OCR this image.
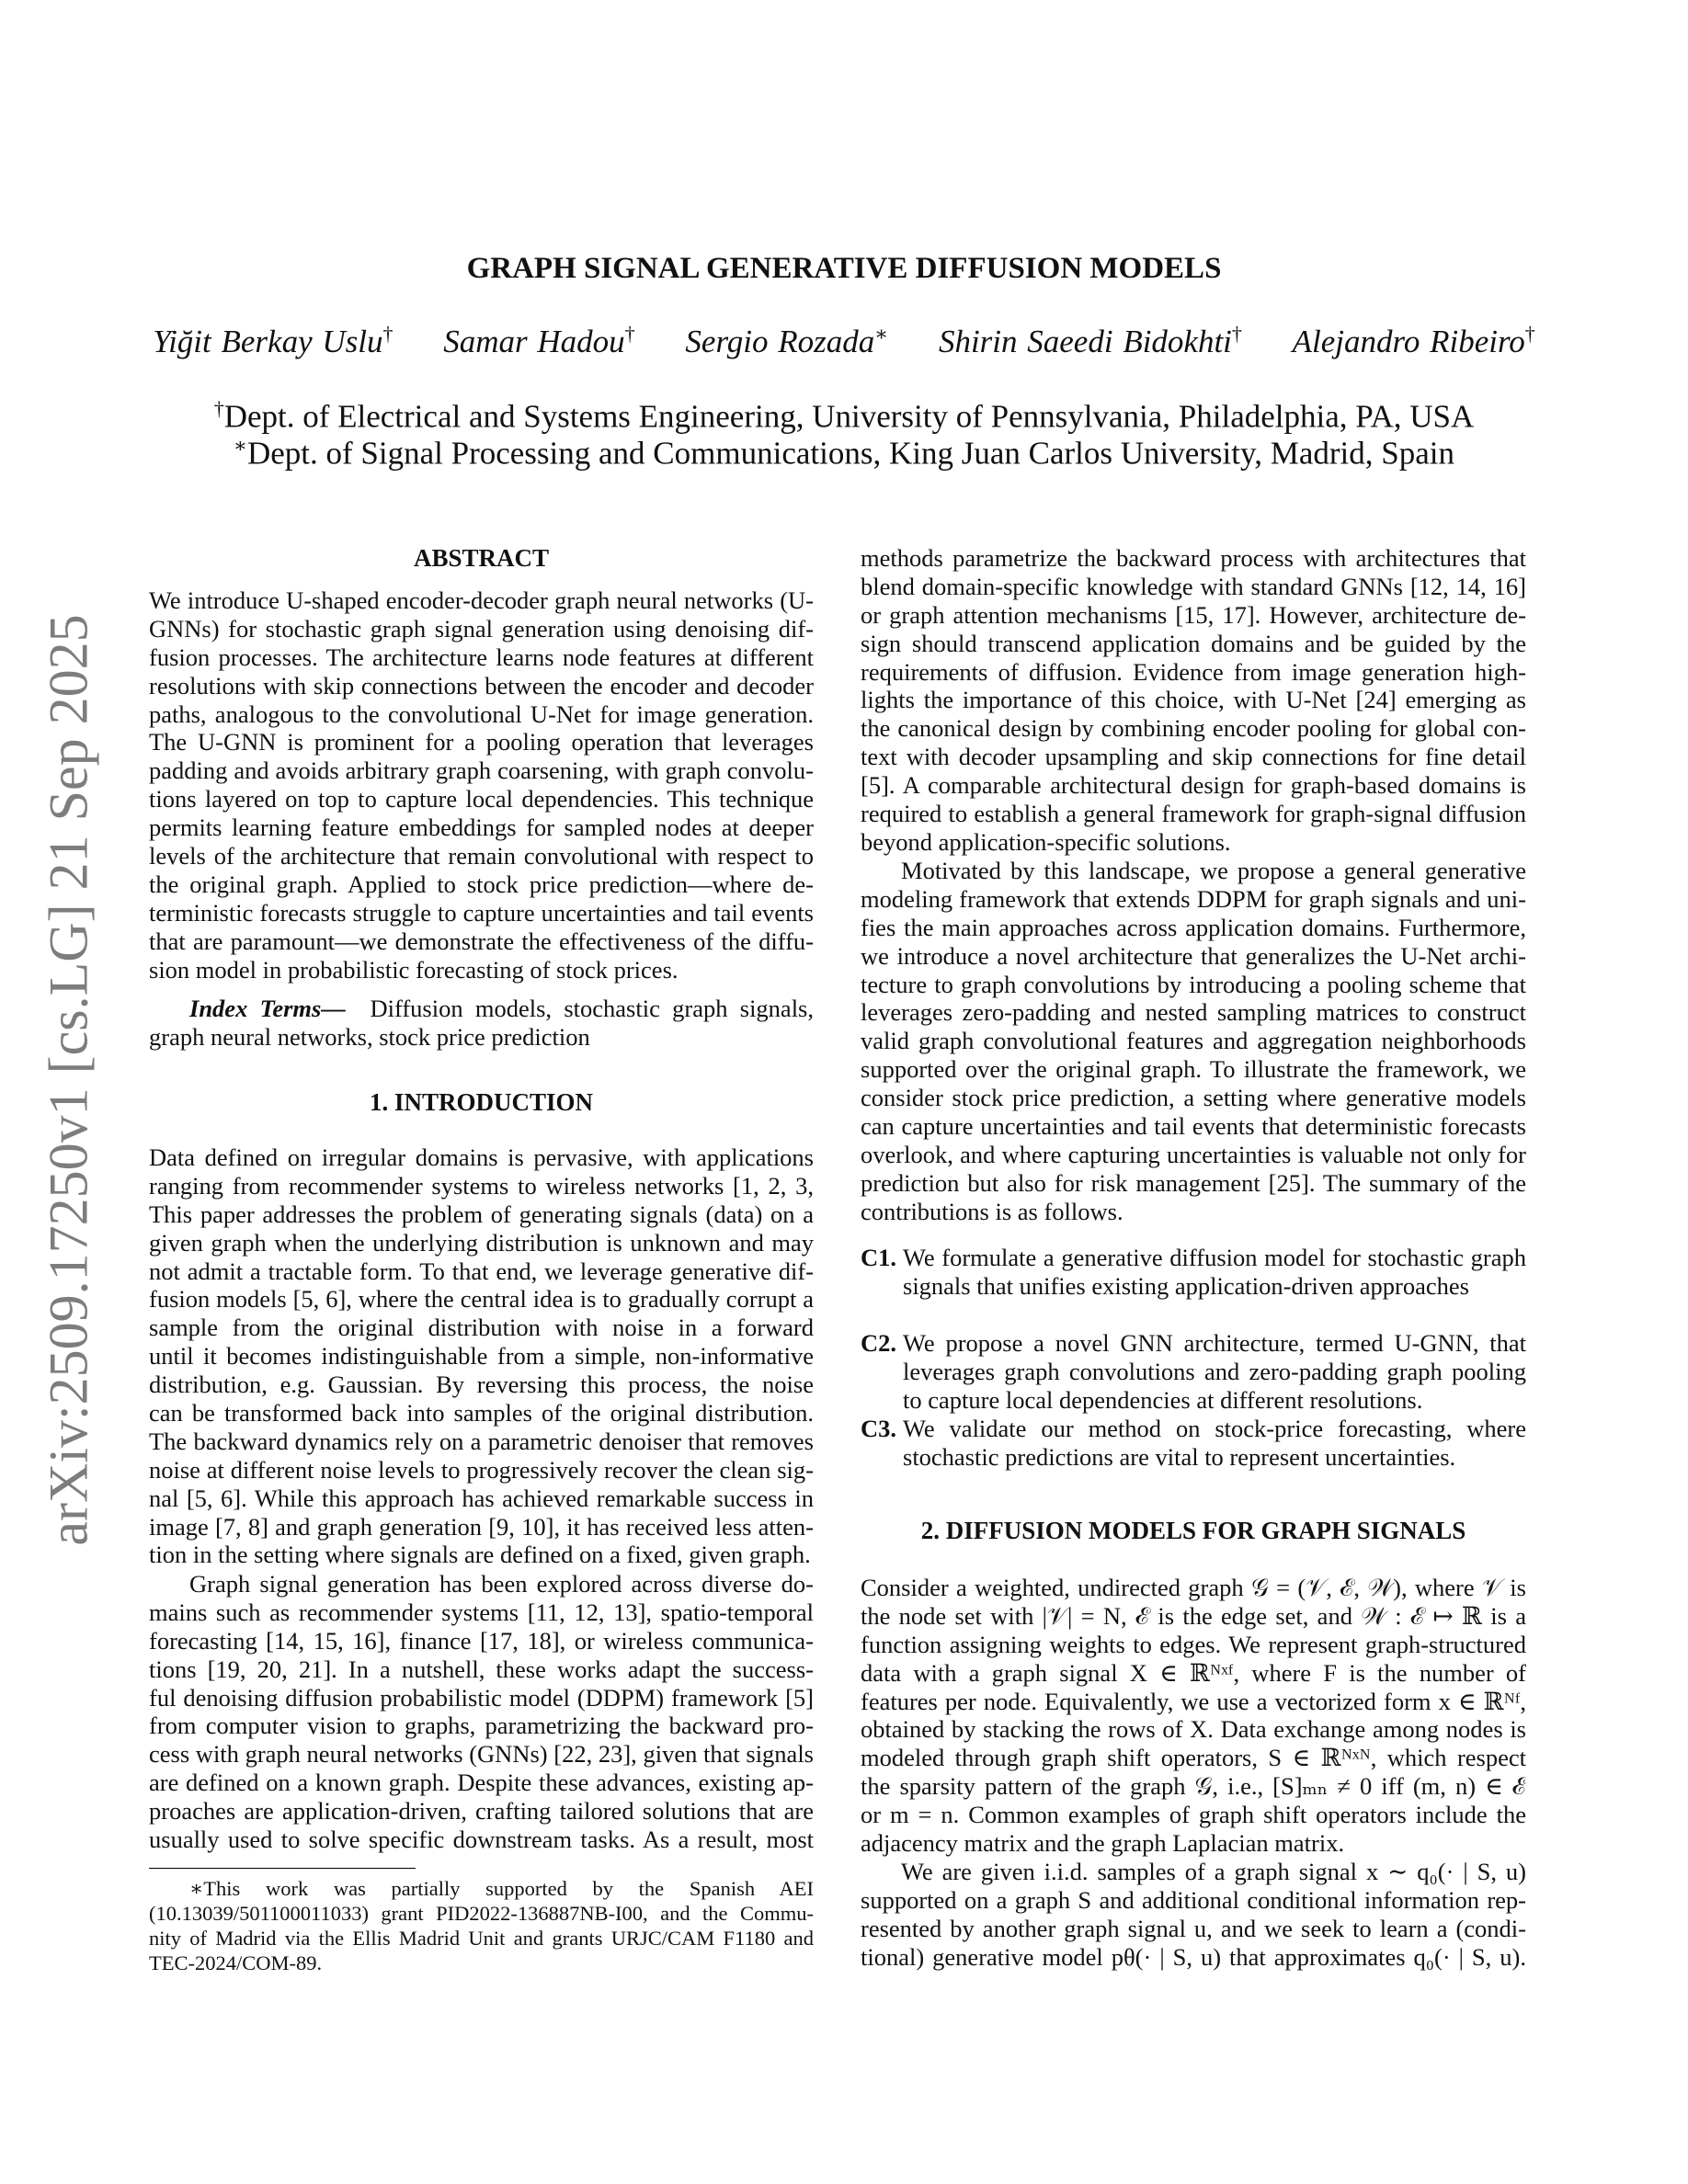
arXiv:2509.17250v1 [cs.LG] 21 Sep 2025
GRAPH SIGNAL GENERATIVE DIFFUSION MODELS
Yiğit Berkay Uslu† Samar Hadou† Sergio Rozada∗ Shirin Saeedi Bidokhti† Alejandro Ribeiro†
†Dept. of Electrical and Systems Engineering, University of Pennsylvania, Philadelphia, PA, USA
∗Dept. of Signal Processing and Communications, King Juan Carlos University, Madrid, Spain
ABSTRACT
We introduce U-shaped encoder-decoder graph neural networks (U-
GNNs) for stochastic graph signal generation using denoising dif-
fusion processes. The architecture learns node features at different
resolutions with skip connections between the encoder and decoder
paths, analogous to the convolutional U-Net for image generation.
The U-GNN is prominent for a pooling operation that leverages
padding and avoids arbitrary graph coarsening, with graph convolu-
tions layered on top to capture local dependencies. This technique
permits learning feature embeddings for sampled nodes at deeper
levels of the architecture that remain convolutional with respect to
the original graph. Applied to stock price prediction—where de-
terministic forecasts struggle to capture uncertainties and tail events
that are paramount—we demonstrate the effectiveness of the diffu-
sion model in probabilistic forecasting of stock prices.
Index Terms— Diffusion models, stochastic graph signals,
graph neural networks, stock price prediction
1. INTRODUCTION
Data defined on irregular domains is pervasive, with applications
ranging from recommender systems to wireless networks [1, 2, 3,
This paper addresses the problem of generating signals (data) on a
given graph when the underlying distribution is unknown and may
not admit a tractable form. To that end, we leverage generative dif-
fusion models [5, 6], where the central idea is to gradually corrupt a
sample from the original distribution with noise in a forward
until it becomes indistinguishable from a simple, non-informative
distribution, e.g. Gaussian. By reversing this process, the noise
can be transformed back into samples of the original distribution.
The backward dynamics rely on a parametric denoiser that removes
noise at different noise levels to progressively recover the clean sig-
nal [5, 6]. While this approach has achieved remarkable success in
image [7, 8] and graph generation [9, 10], it has received less atten-
tion in the setting where signals are defined on a fixed, given graph.
Graph signal generation has been explored across diverse do-
mains such as recommender systems [11, 12, 13], spatio-temporal
forecasting [14, 15, 16], finance [17, 18], or wireless communica-
tions [19, 20, 21]. In a nutshell, these works adapt the success-
ful denoising diffusion probabilistic model (DDPM) framework [5]
from computer vision to graphs, parametrizing the backward pro-
cess with graph neural networks (GNNs) [22, 23], given that signals
are defined on a known graph. Despite these advances, existing ap-
proaches are application-driven, crafting tailored solutions that are
usually used to solve specific downstream tasks. As a result, most
∗This work was partially supported by the Spanish AEI
(10.13039/501100011033) grant PID2022-136887NB-I00, and the Commu-
nity of Madrid via the Ellis Madrid Unit and grants URJC/CAM F1180 and
TEC-2024/COM-89.
methods parametrize the backward process with architectures that
blend domain-specific knowledge with standard GNNs [12, 14, 16]
or graph attention mechanisms [15, 17]. However, architecture de-
sign should transcend application domains and be guided by the
requirements of diffusion. Evidence from image generation high-
lights the importance of this choice, with U-Net [24] emerging as
the canonical design by combining encoder pooling for global con-
text with decoder upsampling and skip connections for fine detail
[5]. A comparable architectural design for graph-based domains is
required to establish a general framework for graph-signal diffusion
beyond application-specific solutions.
Motivated by this landscape, we propose a general generative
modeling framework that extends DDPM for graph signals and uni-
fies the main approaches across application domains. Furthermore,
we introduce a novel architecture that generalizes the U-Net archi-
tecture to graph convolutions by introducing a pooling scheme that
leverages zero-padding and nested sampling matrices to construct
valid graph convolutional features and aggregation neighborhoods
supported over the original graph. To illustrate the framework, we
consider stock price prediction, a setting where generative models
can capture uncertainties and tail events that deterministic forecasts
overlook, and where capturing uncertainties is valuable not only for
prediction but also for risk management [25]. The summary of the
contributions is as follows.
C1. We formulate a generative diffusion model for stochastic graph
signals that unifies existing application-driven approaches
C2. We propose a novel GNN architecture, termed U-GNN, that
leverages graph convolutions and zero-padding graph pooling
to capture local dependencies at different resolutions.
C3. We validate our method on stock-price forecasting, where
stochastic predictions are vital to represent uncertainties.
2. DIFFUSION MODELS FOR GRAPH SIGNALS
Consider a weighted, undirected graph 𝒢 = (𝒱, ℰ, 𝒲), where 𝒱 is
the node set with |𝒱| = N, ℰ is the edge set, and 𝒲 : ℰ ↦ ℝ is a
function assigning weights to edges. We represent graph-structured
data with a graph signal X ∈ ℝᴺˣᶠ, where F is the number of
features per node. Equivalently, we use a vectorized form x ∈ ℝᴺᶠ,
obtained by stacking the rows of X. Data exchange among nodes is
modeled through graph shift operators, S ∈ ℝᴺˣᴺ, which respect
the sparsity pattern of the graph 𝒢, i.e., [S]ₘₙ ≠ 0 iff (m, n) ∈ ℰ
or m = n. Common examples of graph shift operators include the
adjacency matrix and the graph Laplacian matrix.
We are given i.i.d. samples of a graph signal x ∼ q₀(· | S, u)
supported on a graph S and additional conditional information rep-
resented by another graph signal u, and we seek to learn a (condi-
tional) generative model pθ(· | S, u) that approximates q₀(· | S, u).
